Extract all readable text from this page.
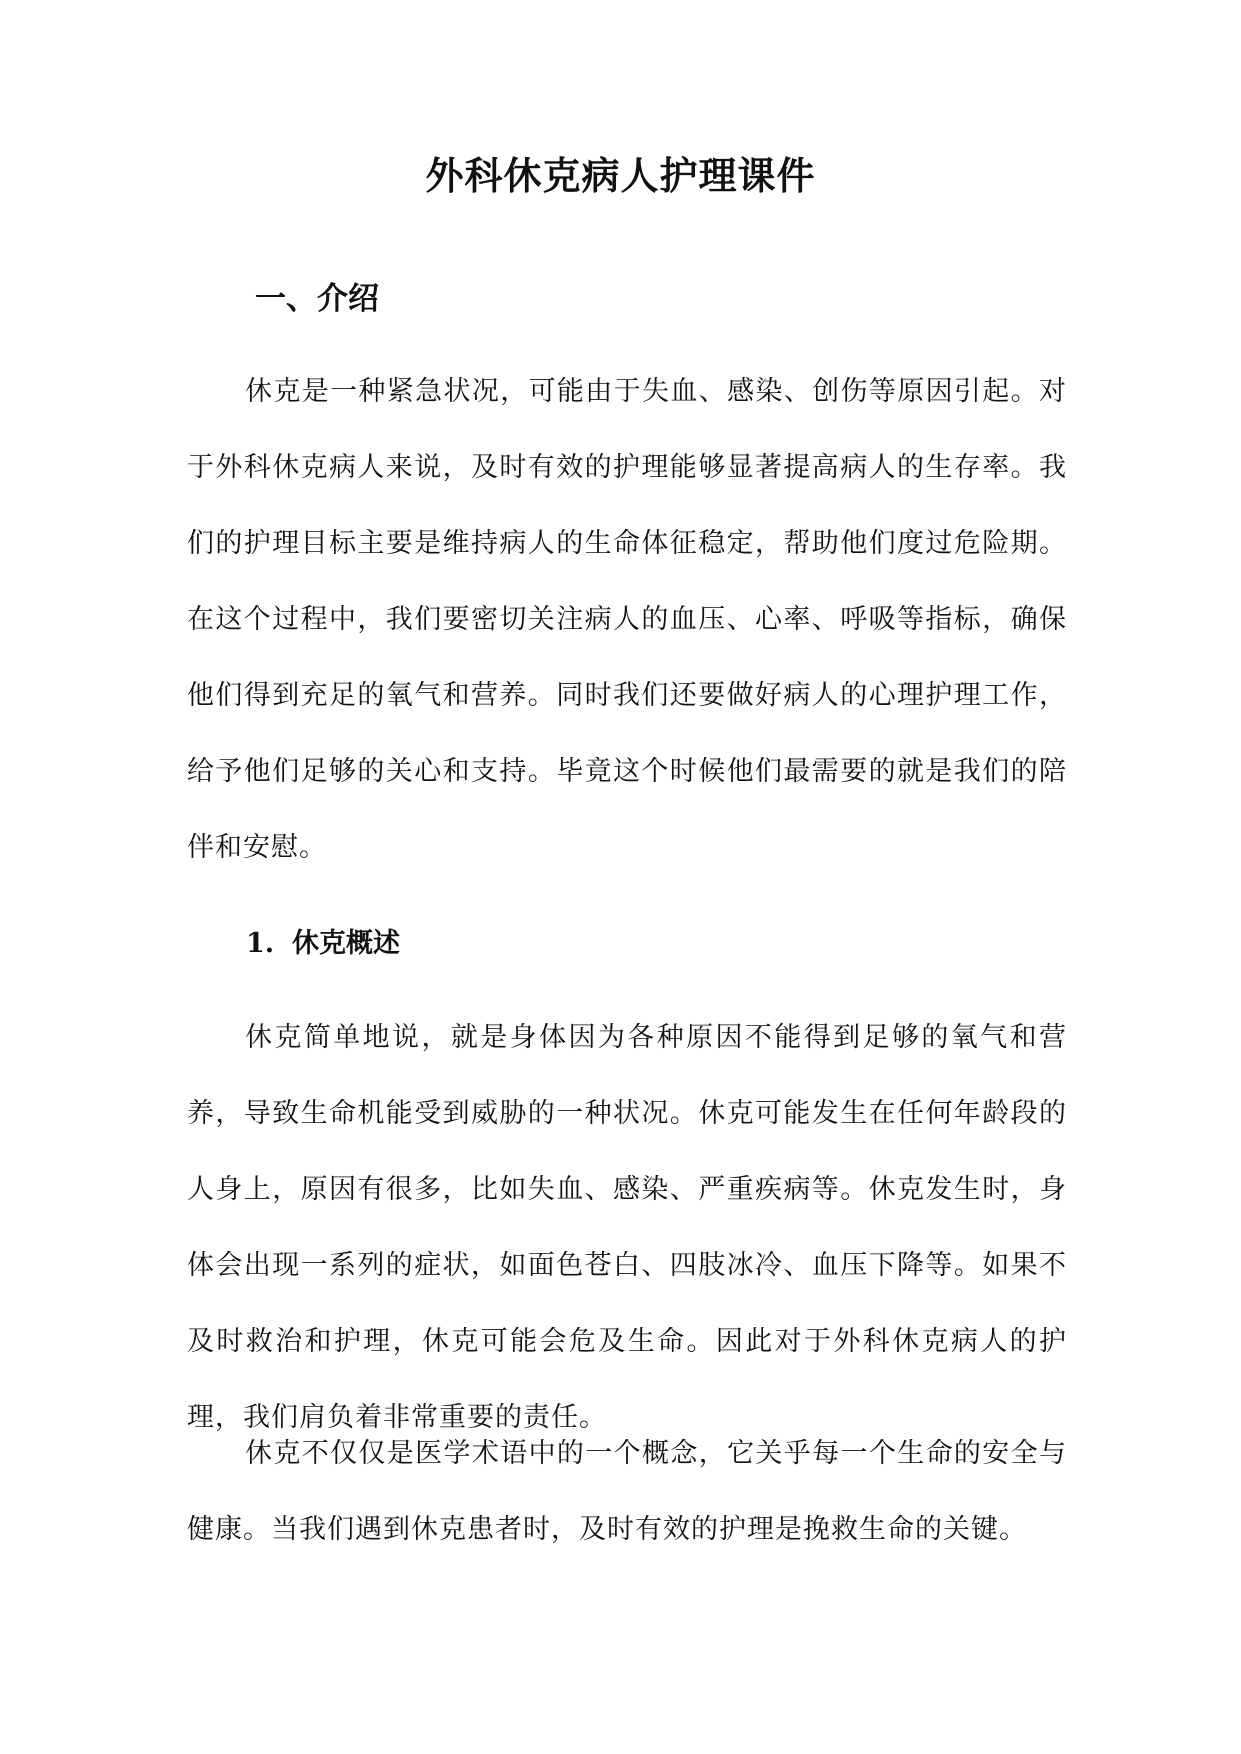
外科休克病人护理课件
一、介绍

休克是一种紧急状况，可能由于失血、感染、创伤等原因引起。对于外科休克病人来说，及时有效的护理能够显著提高病人的生存率。我们的护理目标主要是维持病人的生命体征稳定，帮助他们度过危险期。在这个过程中，我们要密切关注病人的血压、心率、呼吸等指标，确保他们得到充足的氧气和营养。同时我们还要做好病人的心理护理工作，给予他们足够的关心和支持。毕竟这个时候他们最需要的就是我们的陪伴和安慰。

1. 休克概述

休克简单地说，就是身体因为各种原因不能得到足够的氧气和营养，导致生命机能受到威胁的一种状况。休克可能发生在任何年龄段的人身上，原因有很多，比如失血、感染、严重疾病等。休克发生时，身体会出现一系列的症状，如面色苍白、四肢冰冷、血压下降等。如果不及时救治和护理，休克可能会危及生命。因此对于外科休克病人的护理，我们肩负着非常重要的责任。

休克不仅仅是医学术语中的一个概念，它关乎每一个生命的安全与健康。当我们遇到休克患者时，及时有效的护理是挽救生命的关键。
